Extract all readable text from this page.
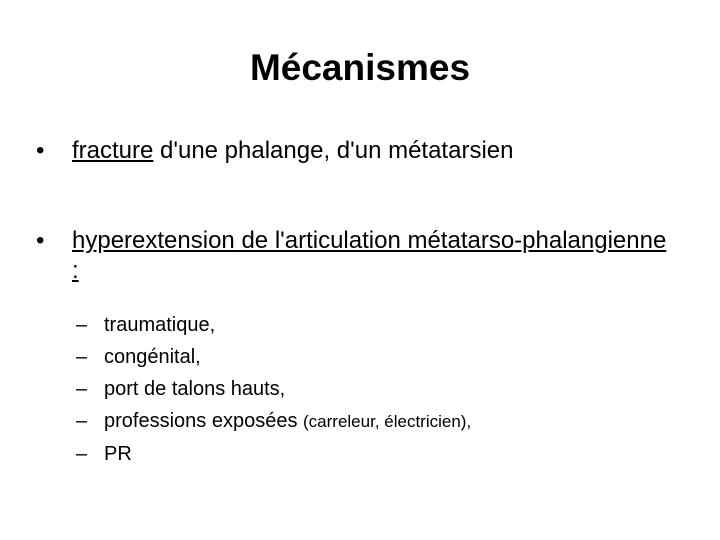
Mécanismes
•	fracture d'une phalange, d'un métatarsien
•	hyperextension de l'articulation métatarso-phalangienne :
– traumatique,
– congénital,
– port de talons hauts,
– professions exposées (carreleur, électricien),
– PR
